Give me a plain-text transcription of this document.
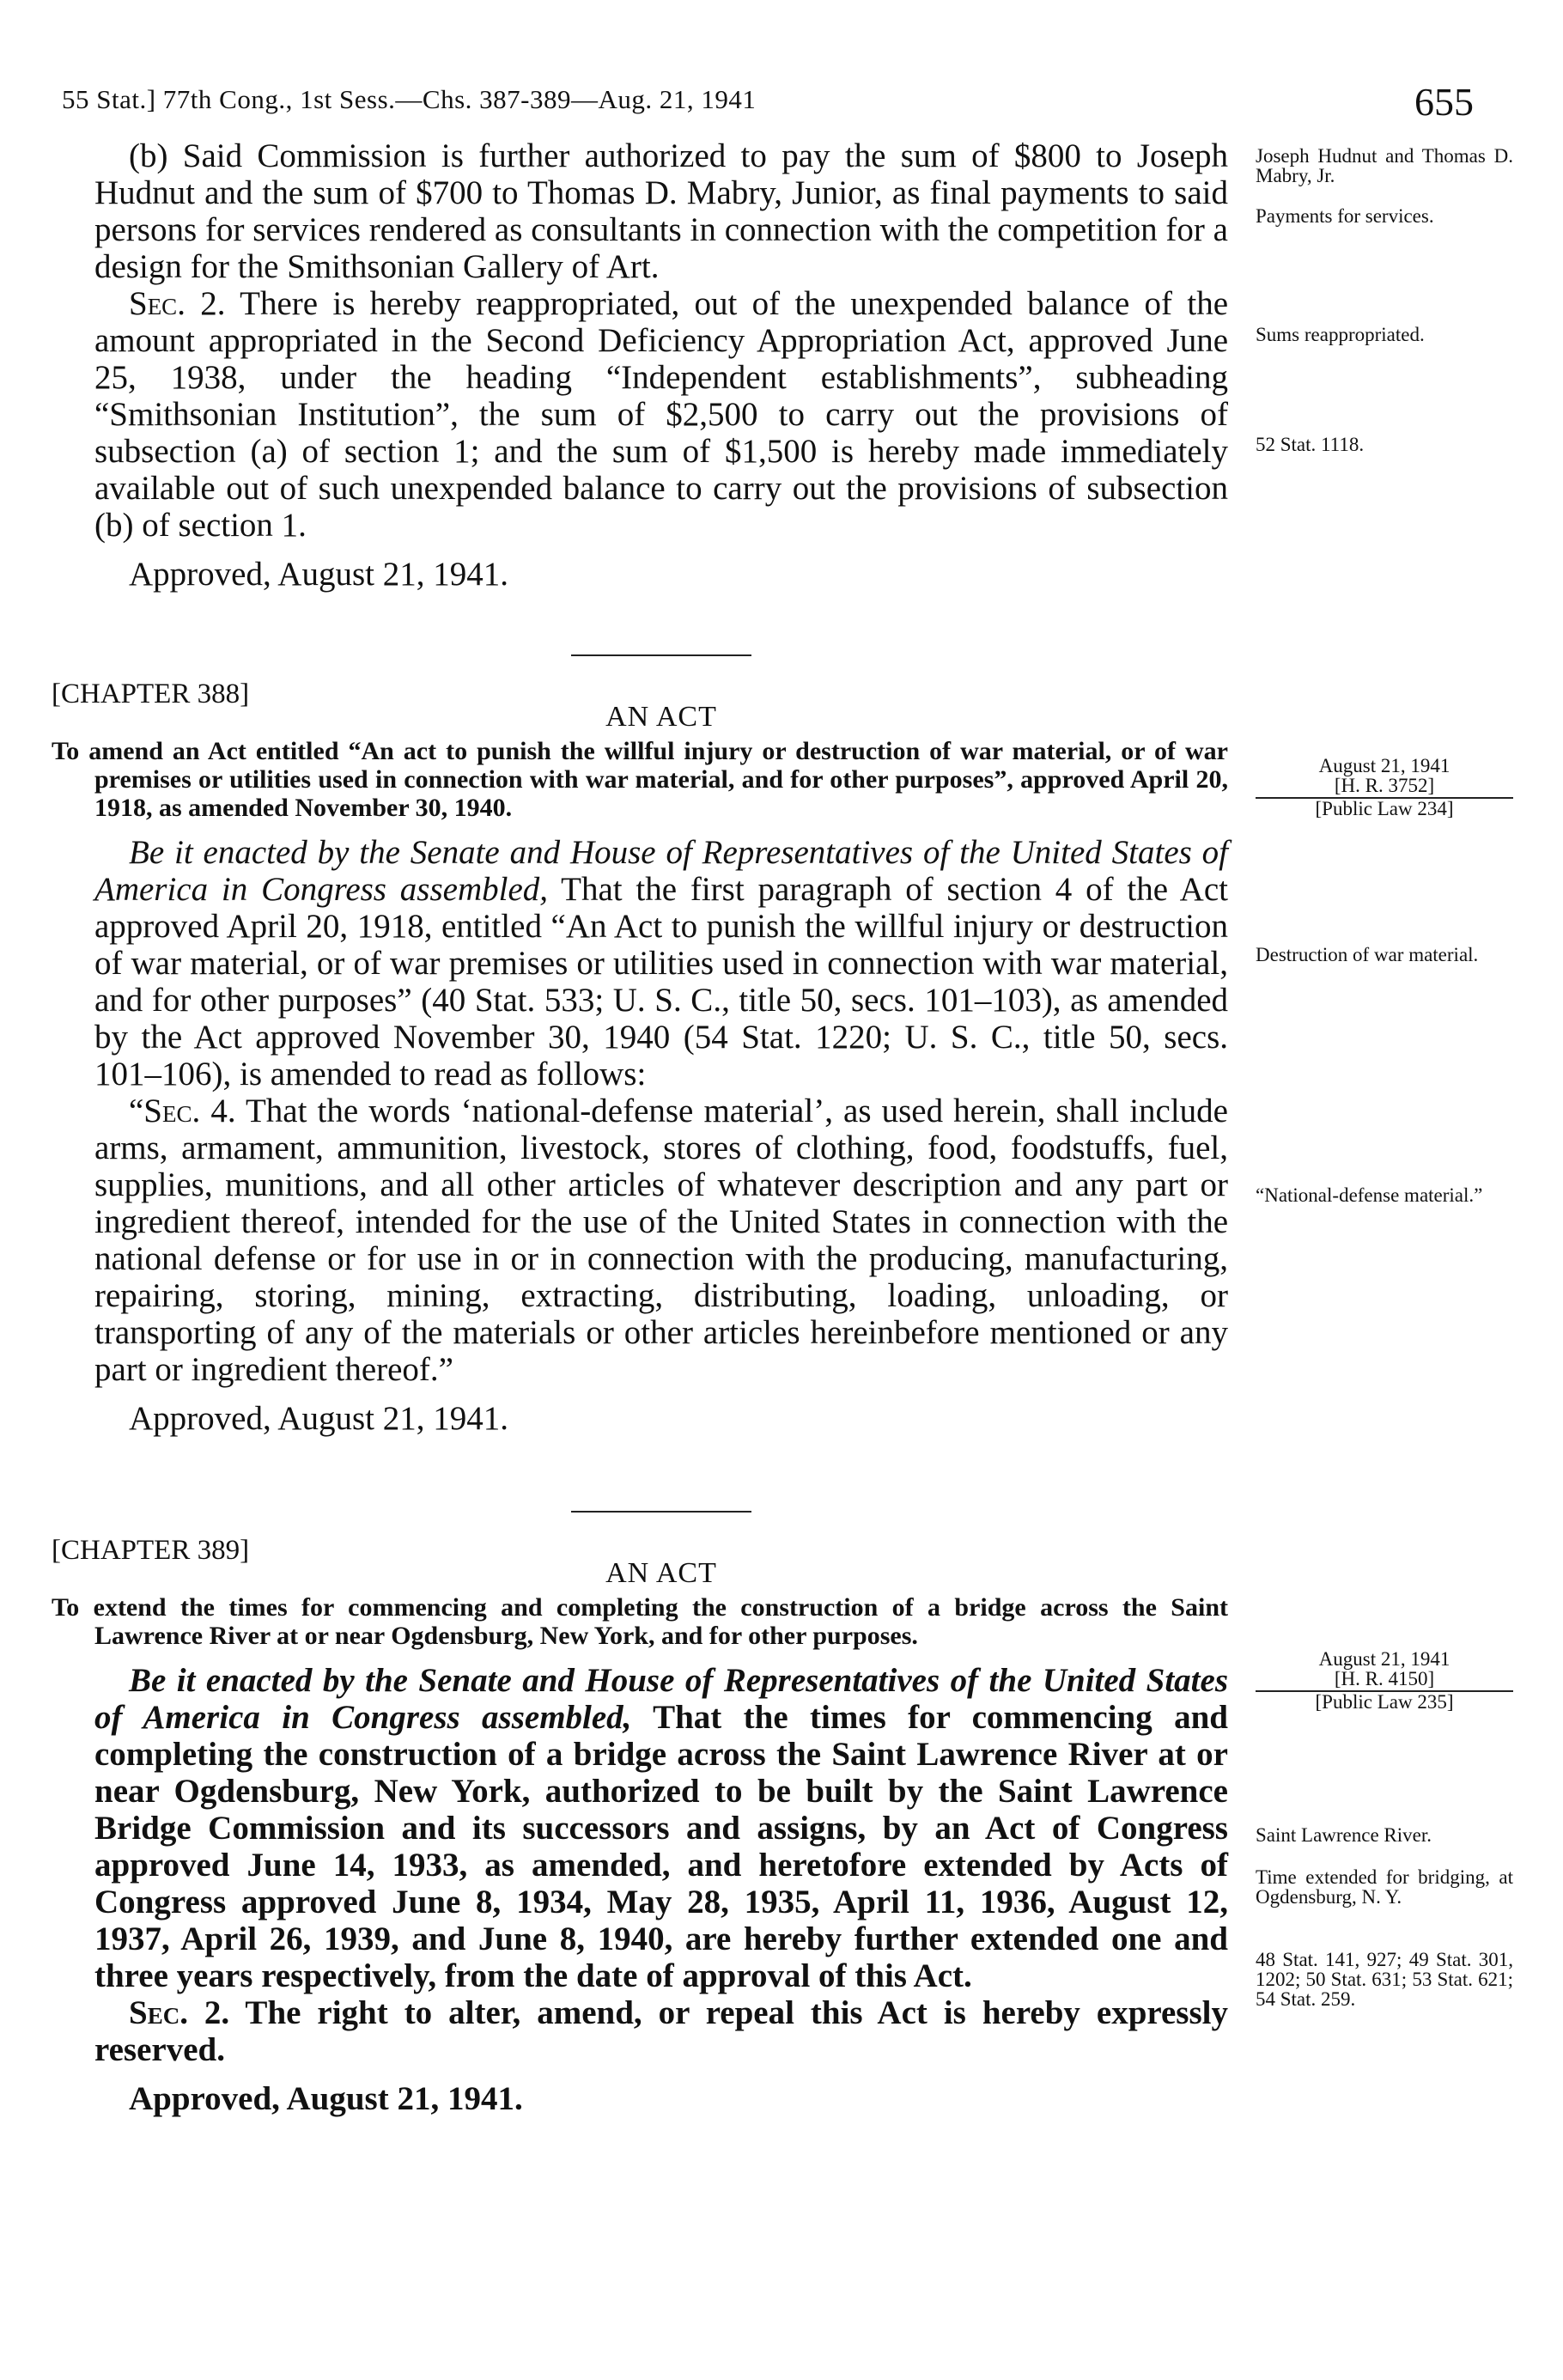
55 Stat.] 77th Cong., 1st Sess.—Chs. 387-389—Aug. 21, 1941	655

(b) Said Commission is further authorized to pay the sum of $800 to Joseph Hudnut and the sum of $700 to Thomas D. Mabry, Junior, as final payments to said persons for services rendered as consultants in connection with the competition for a design for the Smithsonian Gallery of Art.

Sec. 2. There is hereby reappropriated, out of the unexpended balance of the amount appropriated in the Second Deficiency Appropriation Act, approved June 25, 1938, under the heading “Independent establishments”, subheading “Smithsonian Institution”, the sum of $2,500 to carry out the provisions of subsection (a) of section 1; and the sum of $1,500 is hereby made immediately available out of such unexpended balance to carry out the provisions of subsection (b) of section 1.

Approved, August 21, 1941.

[CHAPTER 388]
AN ACT

To amend an Act entitled “An act to punish the willful injury or destruction of war material, or of war premises or utilities used in connection with war material, and for other purposes”, approved April 20, 1918, as amended November 30, 1940.

Be it enacted by the Senate and House of Representatives of the United States of America in Congress assembled, That the first paragraph of section 4 of the Act approved April 20, 1918, entitled “An Act to punish the willful injury or destruction of war material, or of war premises or utilities used in connection with war material, and for other purposes” (40 Stat. 533; U. S. C., title 50, secs. 101–103), as amended by the Act approved November 30, 1940 (54 Stat. 1220; U. S. C., title 50, secs. 101–106), is amended to read as follows:

“Sec. 4. That the words ‘national-defense material’, as used herein, shall include arms, armament, ammunition, livestock, stores of clothing, food, foodstuffs, fuel, supplies, munitions, and all other articles of whatever description and any part or ingredient thereof, intended for the use of the United States in connection with the national defense or for use in or in connection with the producing, manufacturing, repairing, storing, mining, extracting, distributing, loading, unloading, or transporting of any of the materials or other articles hereinbefore mentioned or any part or ingredient thereof.”

Approved, August 21, 1941.

[CHAPTER 389]
AN ACT

To extend the times for commencing and completing the construction of a bridge across the Saint Lawrence River at or near Ogdensburg, New York, and for other purposes.

Be it enacted by the Senate and House of Representatives of the United States of America in Congress assembled, That the times for commencing and completing the construction of a bridge across the Saint Lawrence River at or near Ogdensburg, New York, authorized to be built by the Saint Lawrence Bridge Commission and its successors and assigns, by an Act of Congress approved June 14, 1933, as amended, and heretofore extended by Acts of Congress approved June 8, 1934, May 28, 1935, April 11, 1936, August 12, 1937, April 26, 1939, and June 8, 1940, are hereby further extended one and three years respectively, from the date of approval of this Act.

Sec. 2. The right to alter, amend, or repeal this Act is hereby expressly reserved.

Approved, August 21, 1941.

Joseph Hudnut and Thomas D. Mabry, Jr.
Payments for services.
Sums reappropriated.
52 Stat. 1118.
August 21, 1941

[H. R. 3752]
[Public Law 234]
Destruction of war material.
“National-defense material.”
August 21, 1941

[H. R. 4150]
[Public Law 235]
Saint Lawrence River.
Time extended for bridging, at Ogdensburg, N. Y.
48 Stat. 141, 927; 49 Stat. 301, 1202; 50 Stat. 631; 53 Stat. 621; 54 Stat. 259.
